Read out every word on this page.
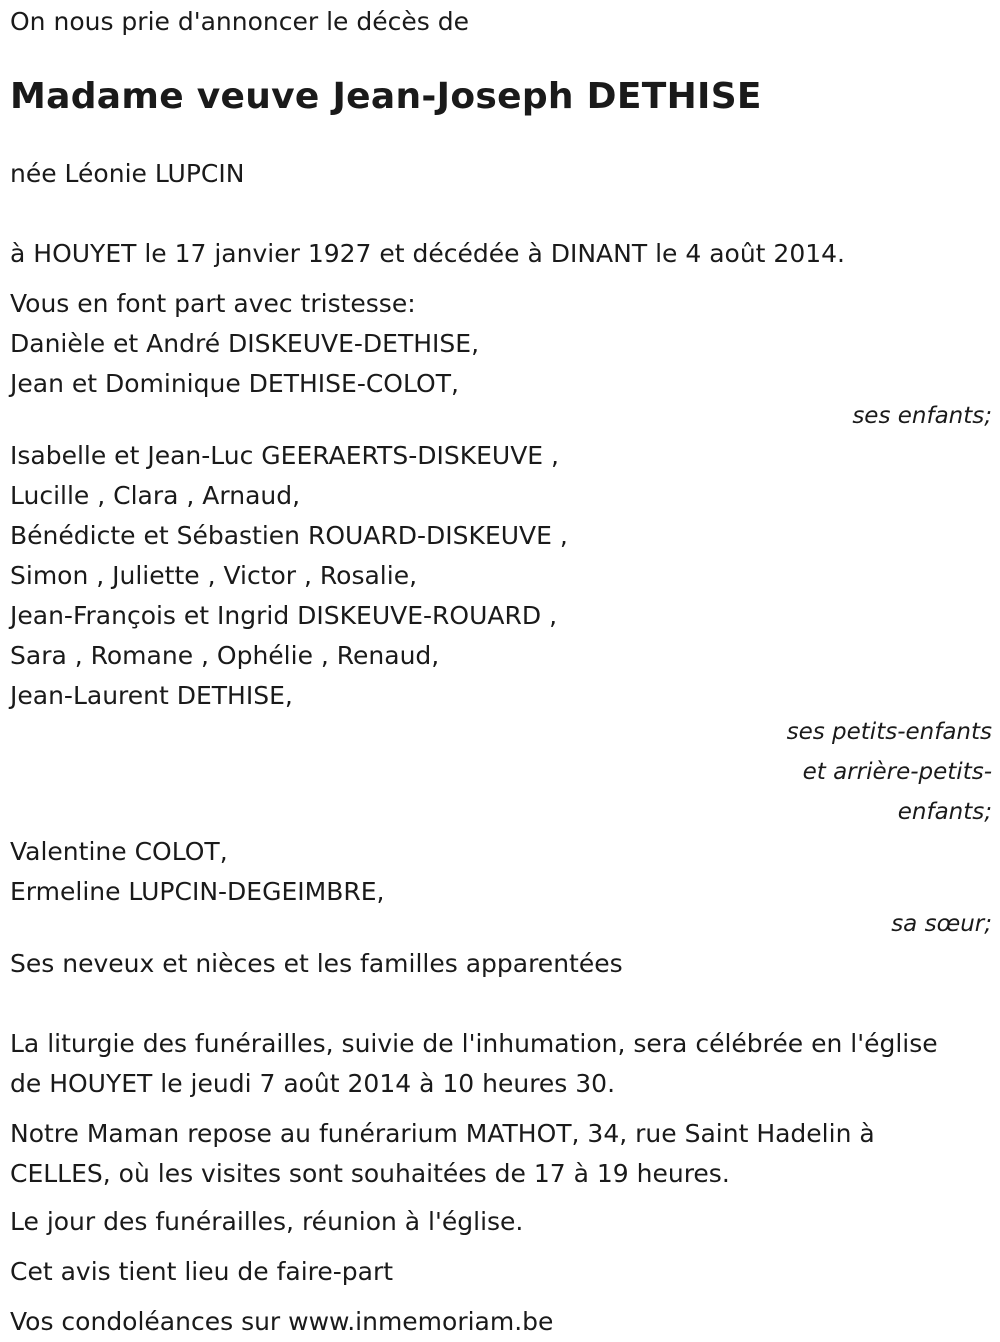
On nous prie d'annoncer le décès de

Madame veuve Jean-Joseph DETHISE

née Léonie LUPCIN

à HOUYET le 17 janvier 1927 et décédée à DINANT le 4 août 2014.

Vous en font part avec tristesse:

Danièle et André DISKEUVE-DETHISE,

Jean et Dominique DETHISE-COLOT,

ses enfants;

Isabelle et Jean-Luc GEERAERTS-DISKEUVE ,

Lucille , Clara , Arnaud,

Bénédicte et Sébastien ROUARD-DISKEUVE ,

Simon , Juliette , Victor , Rosalie,

Jean-François et Ingrid DISKEUVE-ROUARD ,

Sara , Romane , Ophélie , Renaud,

Jean-Laurent DETHISE,

ses petits-enfants

et arrière-petits-

enfants;

Valentine COLOT,

Ermeline LUPCIN-DEGEIMBRE,

sa sœur;

Ses neveux et nièces et les familles apparentées

La liturgie des funérailles, suivie de l'inhumation, sera célébrée en l'église

de HOUYET le jeudi 7 août 2014 à 10 heures 30.

Notre Maman repose au funérarium MATHOT, 34, rue Saint Hadelin à

CELLES, où les visites sont souhaitées de 17 à 19 heures.

Le jour des funérailles, réunion à l'église.

Cet avis tient lieu de faire-part

Vos condoléances sur www.inmemoriam.be
